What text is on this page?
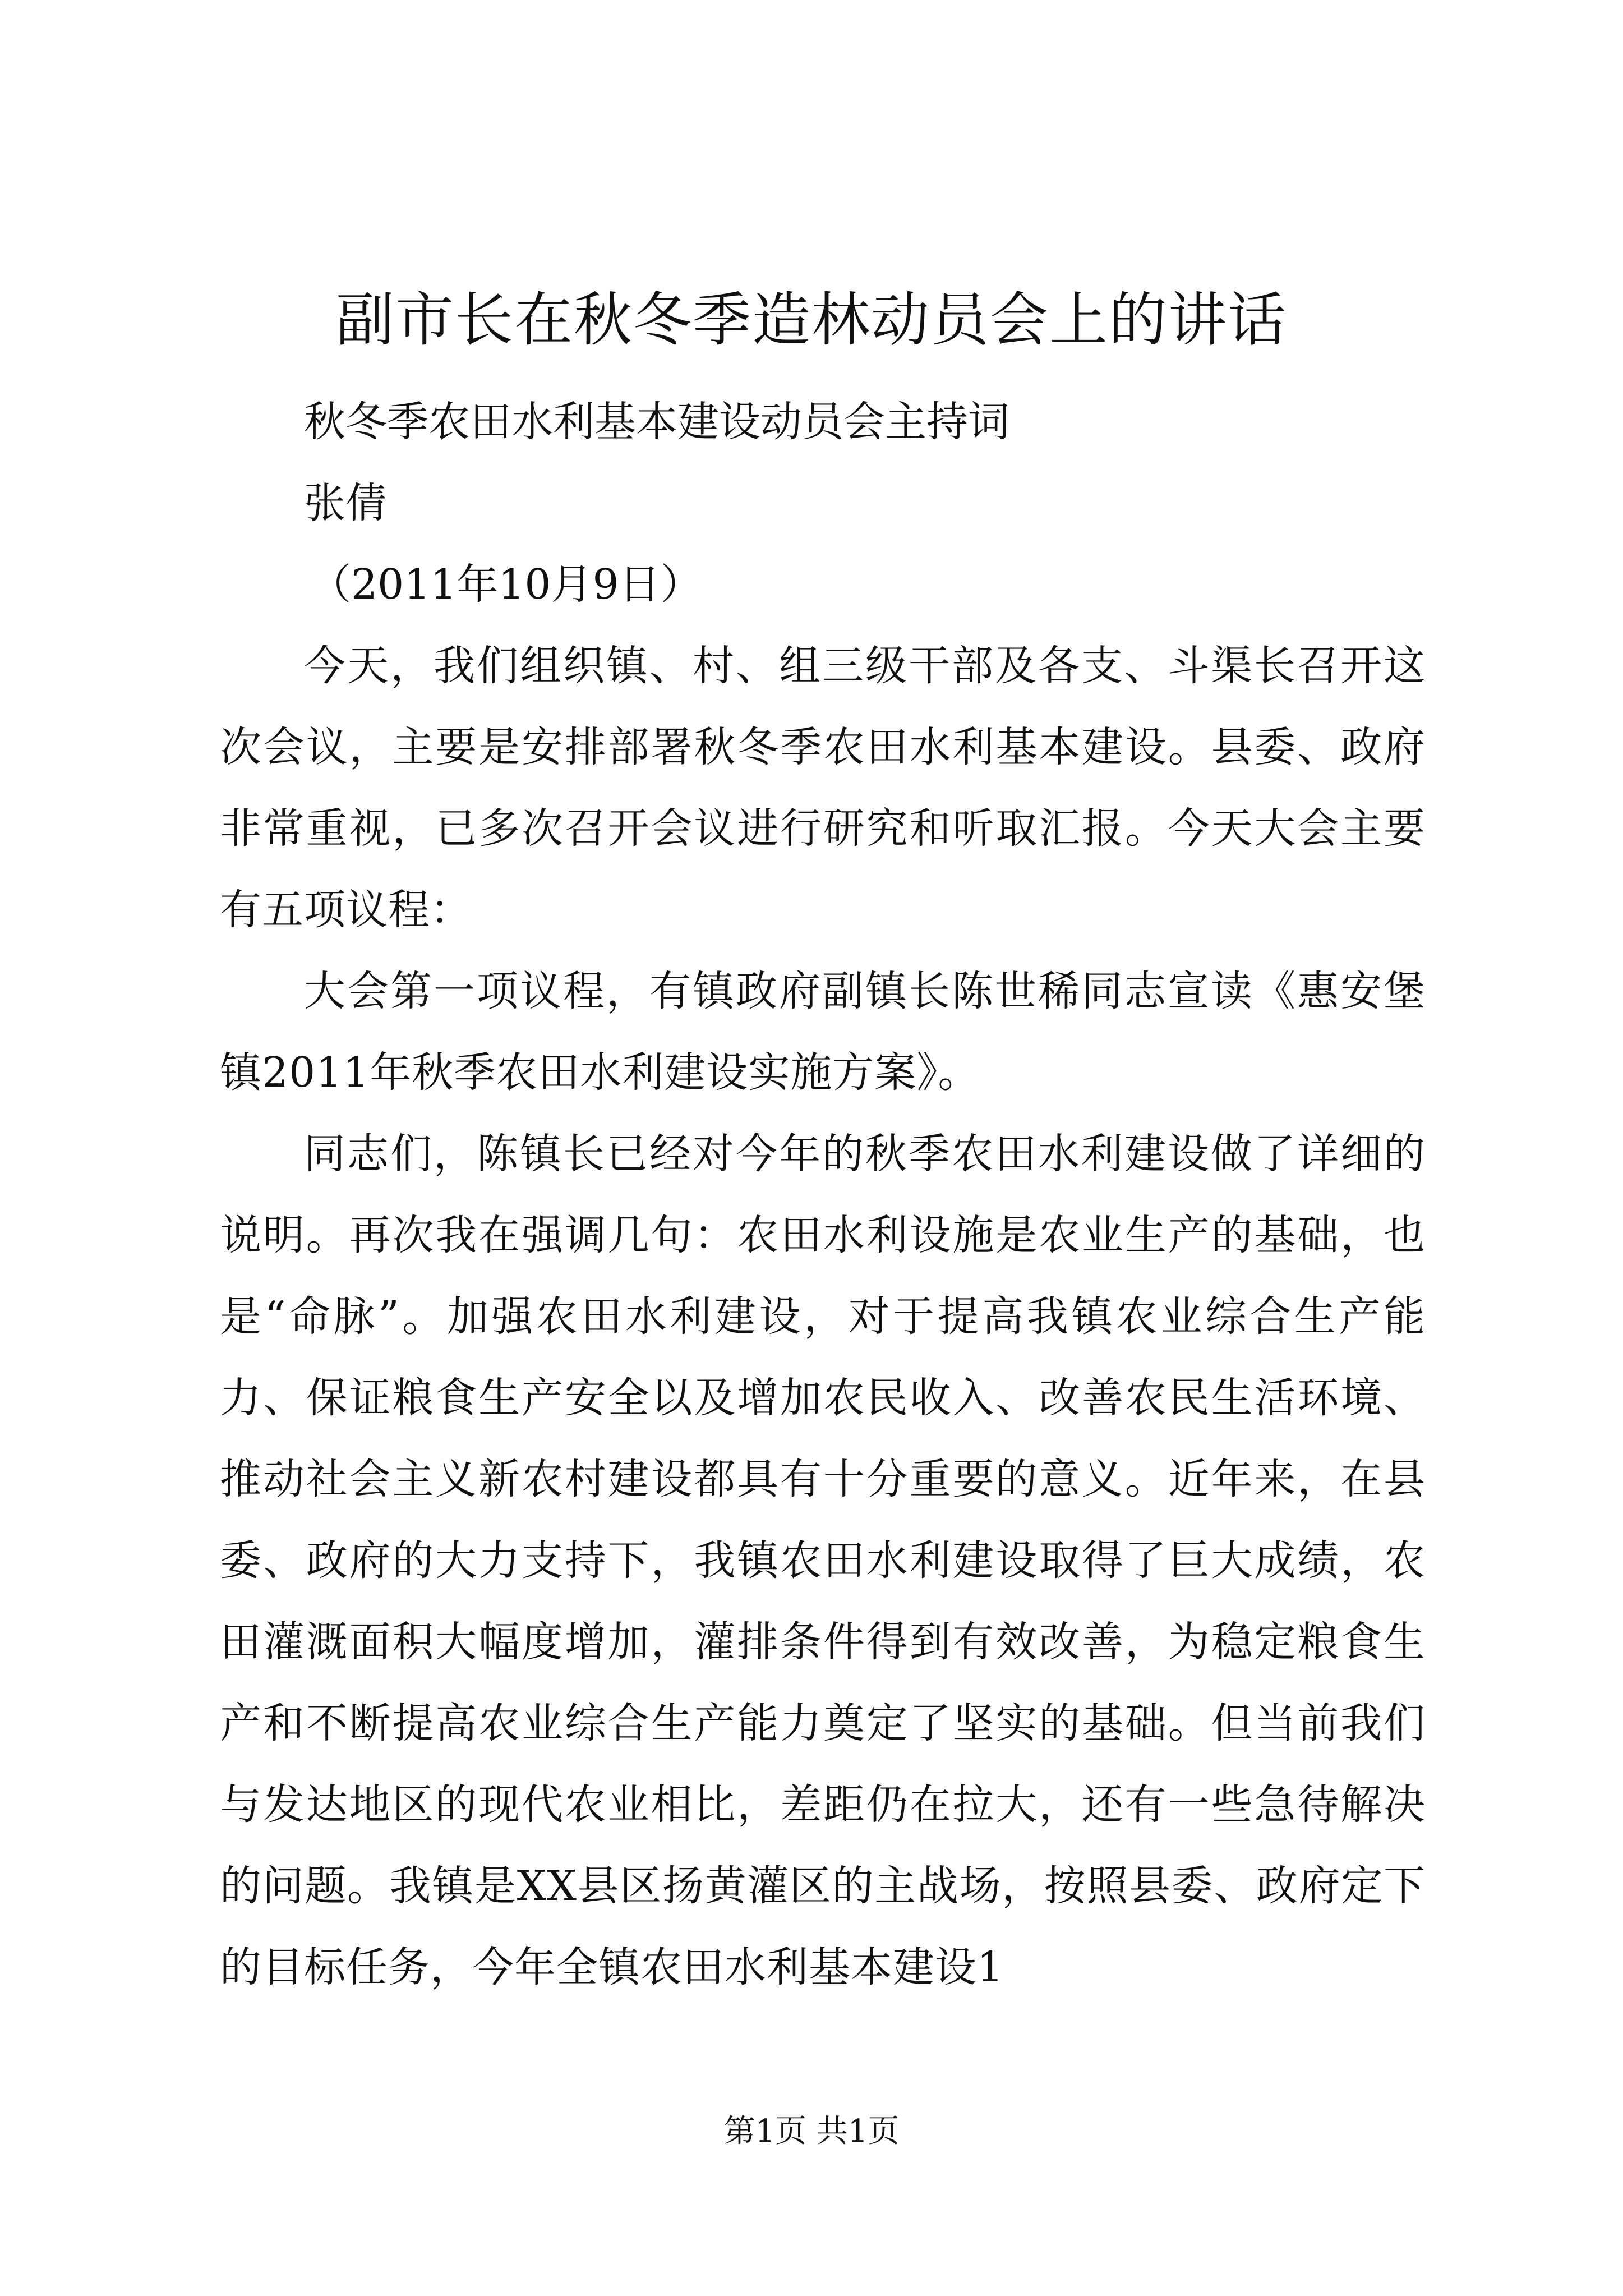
副市长在秋冬季造林动员会上的讲话

秋冬季农田水利基本建设动员会主持词

张倩

（2011年10月9日）

今天，我们组织镇、村、组三级干部及各支、斗渠长召开这次会议，主要是安排部署秋冬季农田水利基本建设。县委、政府非常重视，已多次召开会议进行研究和听取汇报。今天大会主要有五项议程：

大会第一项议程，有镇政府副镇长陈世稀同志宣读《惠安堡镇2011年秋季农田水利建设实施方案》。

同志们，陈镇长已经对今年的秋季农田水利建设做了详细的说明。再次我在强调几句：农田水利设施是农业生产的基础，也是“命脉”。加强农田水利建设，对于提高我镇农业综合生产能力、保证粮食生产安全以及增加农民收入、改善农民生活环境、推动社会主义新农村建设都具有十分重要的意义。近年来，在县委、政府的大力支持下，我镇农田水利建设取得了巨大成绩，农田灌溉面积大幅度增加，灌排条件得到有效改善，为稳定粮食生产和不断提高农业综合生产能力奠定了坚实的基础。但当前我们与发达地区的现代农业相比，差距仍在拉大，还有一些急待解决的问题。我镇是XX县区扬黄灌区的主战场，按照县委、政府定下的目标任务，今年全镇农田水利基本建设1

第1页 共1页
